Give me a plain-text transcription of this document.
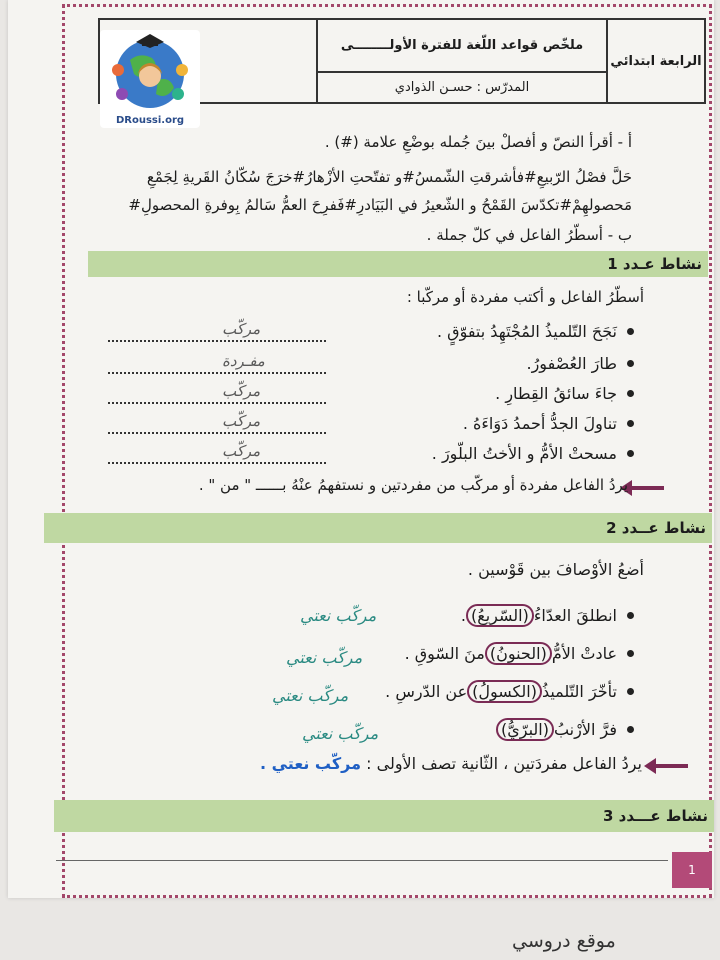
الرابعة ابتدائي
ملخّص قواعد اللّغة للفترة الأولــــــــى
المدرّس : حسـن الذوادي
DRoussi.org
أ - أقرأ النصّ و أفصلْ بينَ جُمله بوضْعِ علامة (#) .
حَلَّ فصْلُ الرّبيعِ#فأشرقتِ الشّمسُ#و تفتّحتِ الأزْهارُ#خرَجَ سُكّانُ القَريةِ لِجَمْعِ
مَحصولهِمْ#تكدّسَ القَمْحُ و الشّعيرُ في البَيَادرِ#فَفرِحَ العمُّ سَالمُ بِوفرةِ المحصولِ#
ب - أسطّرُ الفاعل في كلّ جملة .
نشاط عـدد 1
أسطّرُ الفاعل و أكتب مفردة أو مركّبا :
نَجَحَ التّلميذُ المُجْتَهِدُ بتفوّقٍ .
مركّب
طارَ العُصْفورُ.
مفـردة
جاءَ سائقُ القِطارِ .
مركّب
تناولَ الجدُّ أحمدُ دَوَاءَهُ .
مركّب
مسحتْ الأمُّ و الأختُ البلّورَ .
مركّب
يردُ الفاعل مفردة أو مركّب من مفردتين و نستفهمُ عنْهُ بــــــ " من " .
نشاط عــدد 2
أضعُ الأوْصافَ بين قَوْسين .
انطلقَ العدّاءُ
(السّريعُ)
.
مركّب نعتي
عادتْ الأمُّ
(الحنونُ)
منَ السّوقِ .
مركّب نعتي
تأخّرَ التّلميذُ
(الكسولُ)
عن الدّرسِ .
مركّب نعتي
فرَّ الأرْنبُ
(البرّيُّ)
مركّب نعتي
يردُ الفاعل مفردَتين ، الثّانية تصف الأولى : مركّب نعتي .
نشاط عـــدد 3
1
موقع دروسي
